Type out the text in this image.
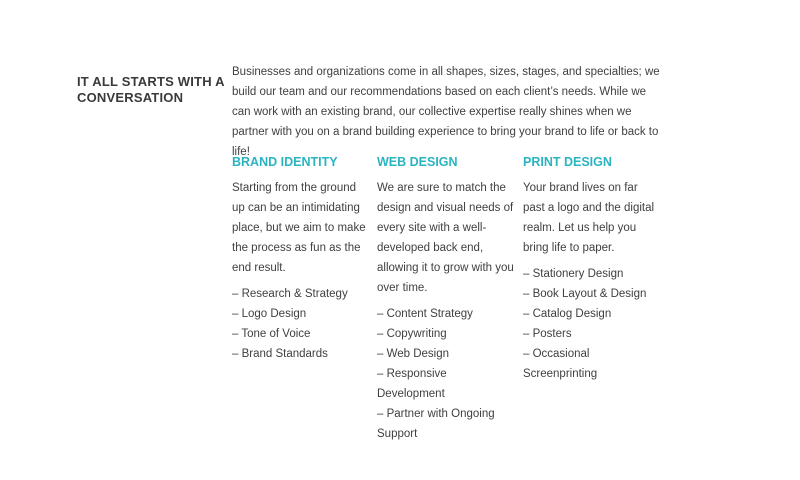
IT ALL STARTS WITH A CONVERSATION

Businesses and organizations come in all shapes, sizes, stages, and specialties; we build our team and our recommendations based on each client’s needs. While we can work with an existing brand, our collective expertise really shines when we partner with you on a brand building experience to bring your brand to life or back to life!

BRAND IDENTITY

Starting from the ground up can be an intimidating place, but we aim to make the process as fun as the end result.

– Research & Strategy
– Logo Design
– Tone of Voice
– Brand Standards
WEB DESIGN

We are sure to match the design and visual needs of every site with a well-developed back end, allowing it to grow with you over time.

– Content Strategy
– Copywriting
– Web Design
– Responsive Development
– Partner with Ongoing Support
PRINT DESIGN

Your brand lives on far past a logo and the digital realm. Let us help you bring life to paper.

– Stationery Design
– Book Layout & Design
– Catalog Design
– Posters
– Occasional Screenprinting
